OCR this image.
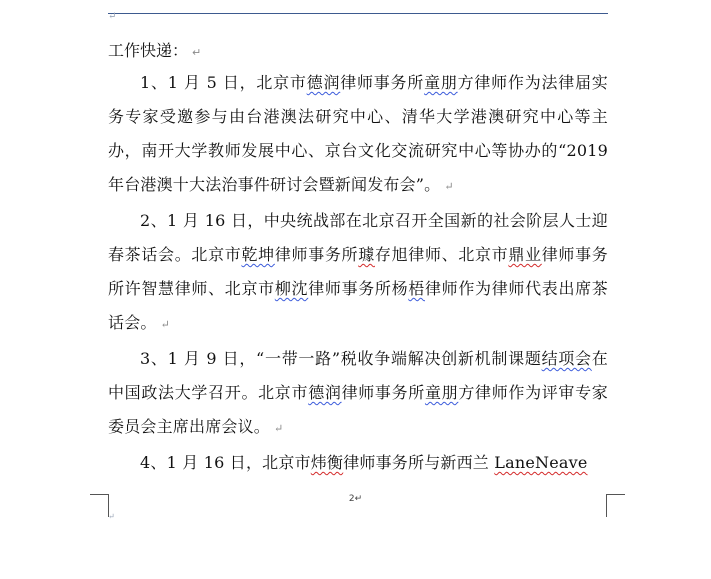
↵

工作快递： ↵

1、1 月 5 日，北京市德润律师事务所童朋方律师作为法律届实务专家受邀参与由台港澳法研究中心、清华大学港澳研究中心等主办，南开大学教师发展中心、京台文化交流研究中心等协办的“2019 年台港澳十大法治事件研讨会暨新闻发布会”。 ↵

2、1 月 16 日，中央统战部在北京召开全国新的社会阶层人士迎春茶话会。北京市乾坤律师事务所璩存旭律师、北京市鼎业律师事务所许智慧律师、北京市柳沈律师事务所杨梧律师作为律师代表出席茶话会。 ↵

3、1 月 9 日，“一带一路”税收争端解决创新机制课题结项会在中国政法大学召开。北京市德润律师事务所童朋方律师作为评审专家委员会主席出席会议。 ↵

4、1 月 16 日，北京市炜衡律师事务所与新西兰 LaneNeave

2↵
↵
